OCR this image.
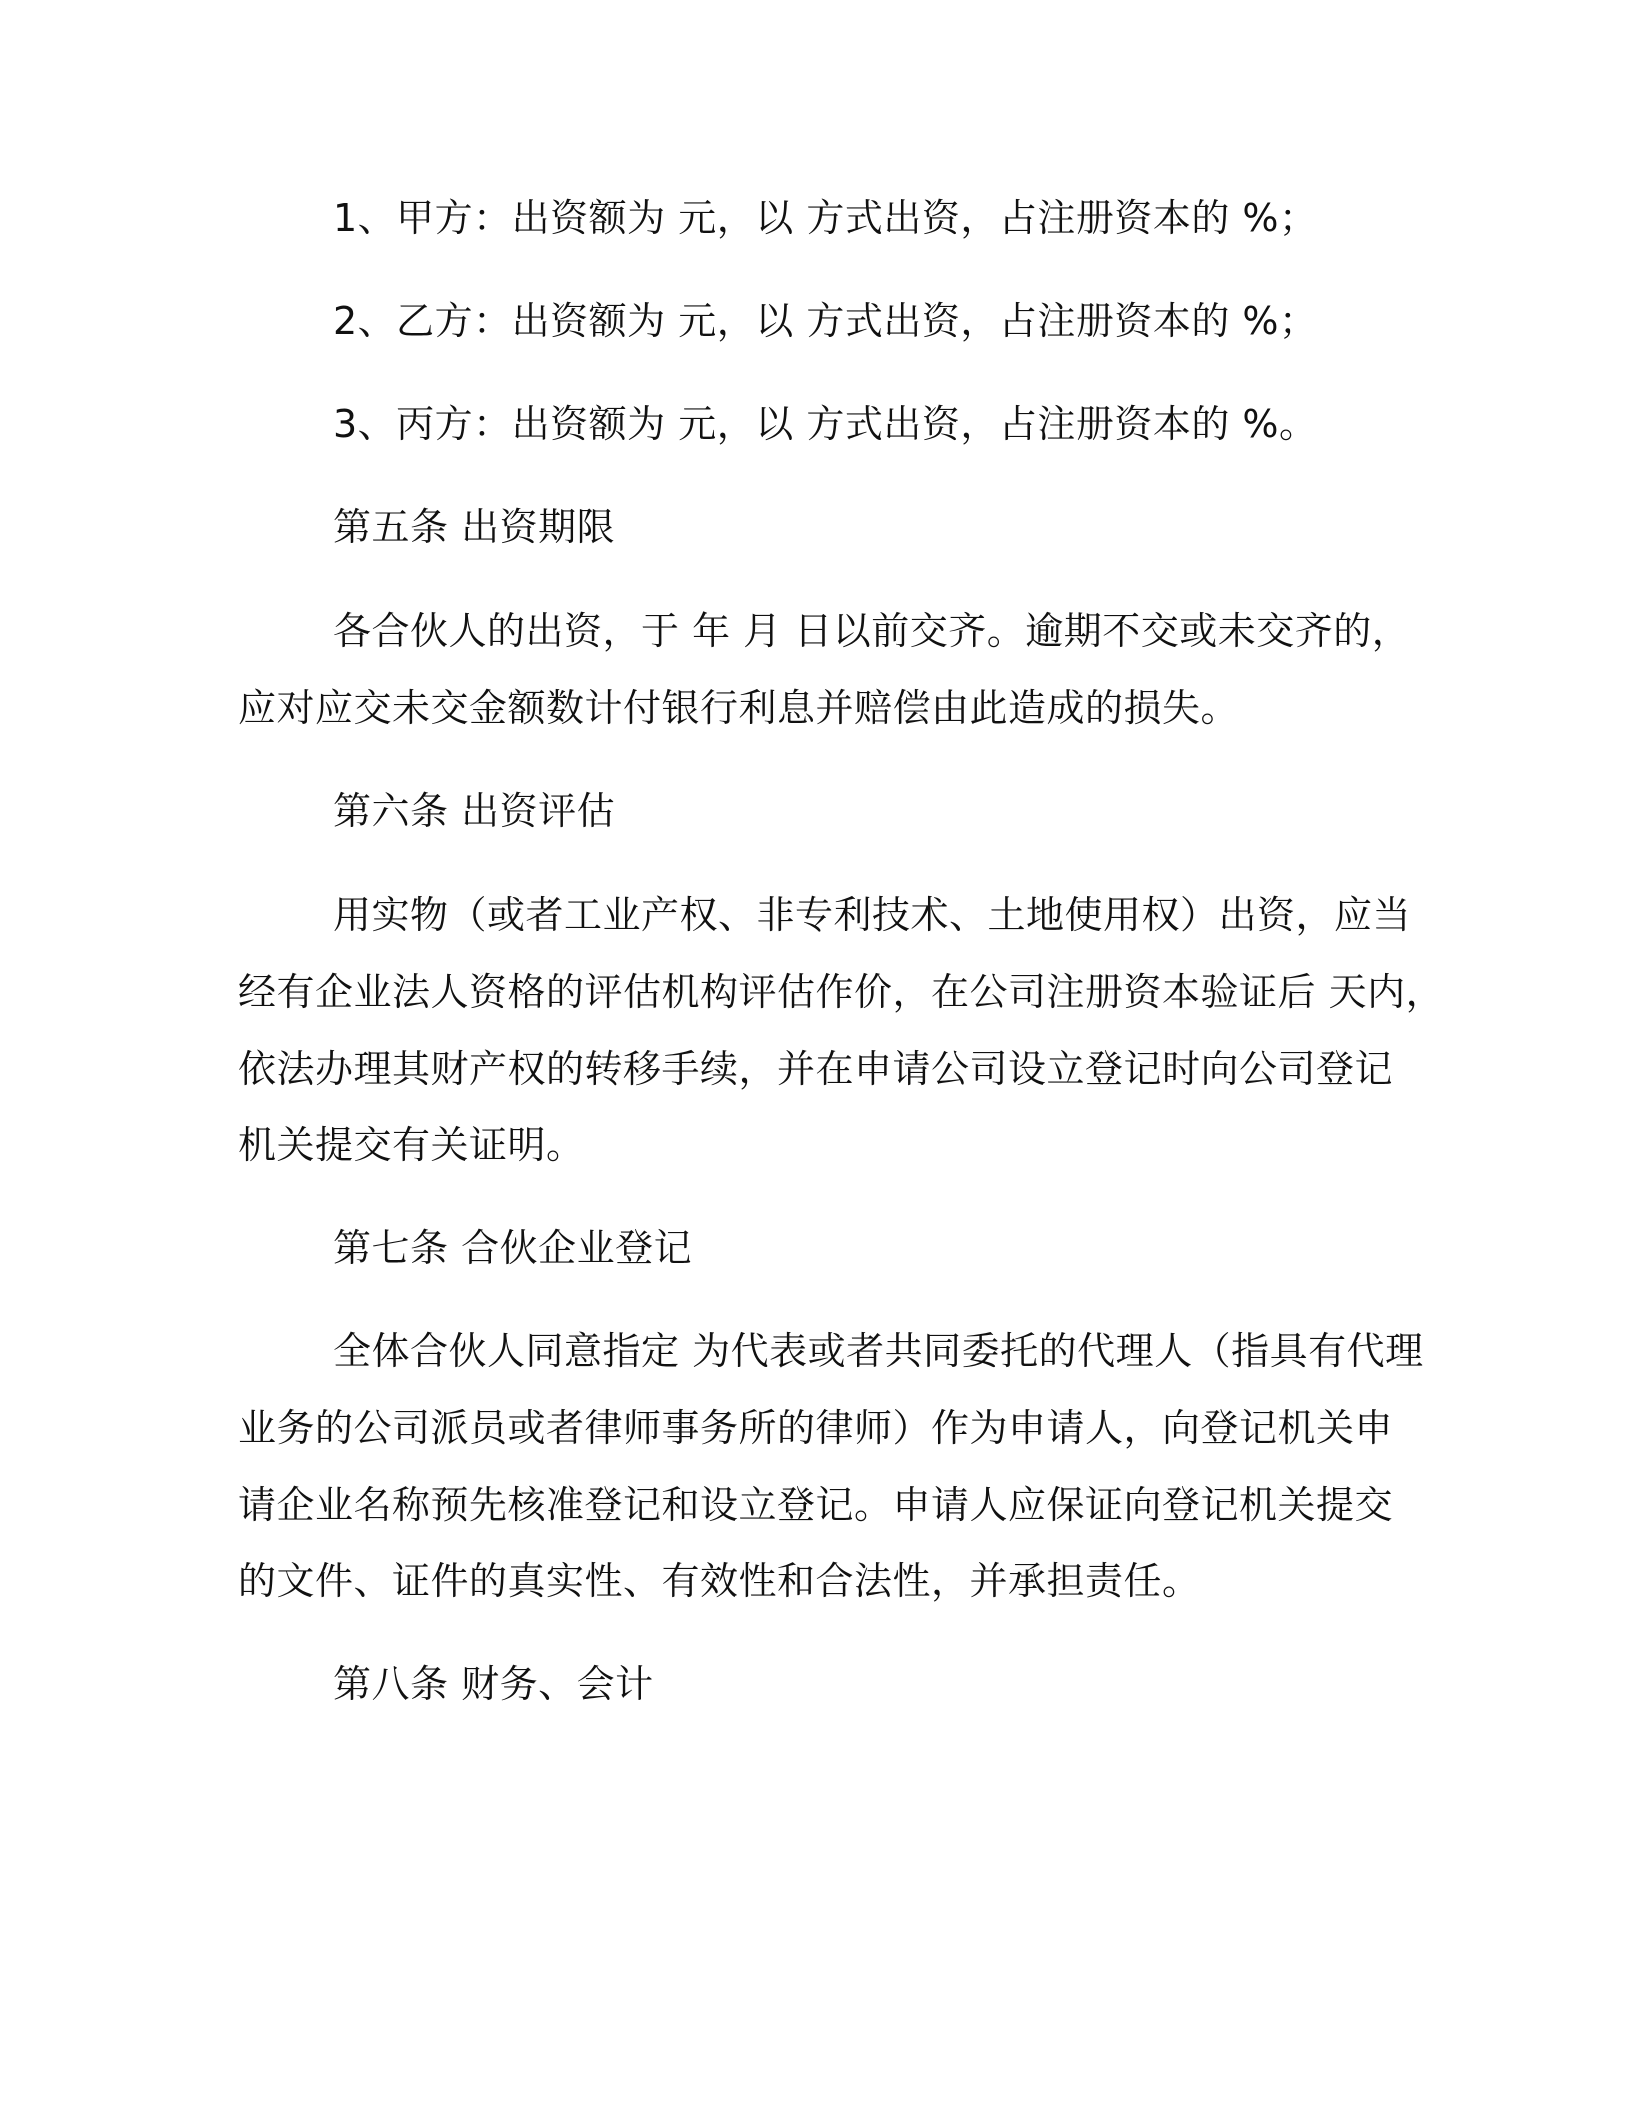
1、甲方：出资额为 元，以 方式出资，占注册资本的 %；
2、乙方：出资额为 元，以 方式出资，占注册资本的 %；
3、丙方：出资额为 元，以 方式出资，占注册资本的 %。
第五条 出资期限
各合伙人的出资，于 年 月 日以前交齐。逾期不交或未交齐的，
应对应交未交金额数计付银行利息并赔偿由此造成的损失。
第六条 出资评估
用实物（或者工业产权、非专利技术、土地使用权）出资，应当
经有企业法人资格的评估机构评估作价，在公司注册资本验证后 天内，
依法办理其财产权的转移手续，并在申请公司设立登记时向公司登记
机关提交有关证明。
第七条 合伙企业登记
全体合伙人同意指定 为代表或者共同委托的代理人（指具有代理
业务的公司派员或者律师事务所的律师）作为申请人，向登记机关申
请企业名称预先核准登记和设立登记。申请人应保证向登记机关提交
的文件、证件的真实性、有效性和合法性，并承担责任。
第八条 财务、会计
